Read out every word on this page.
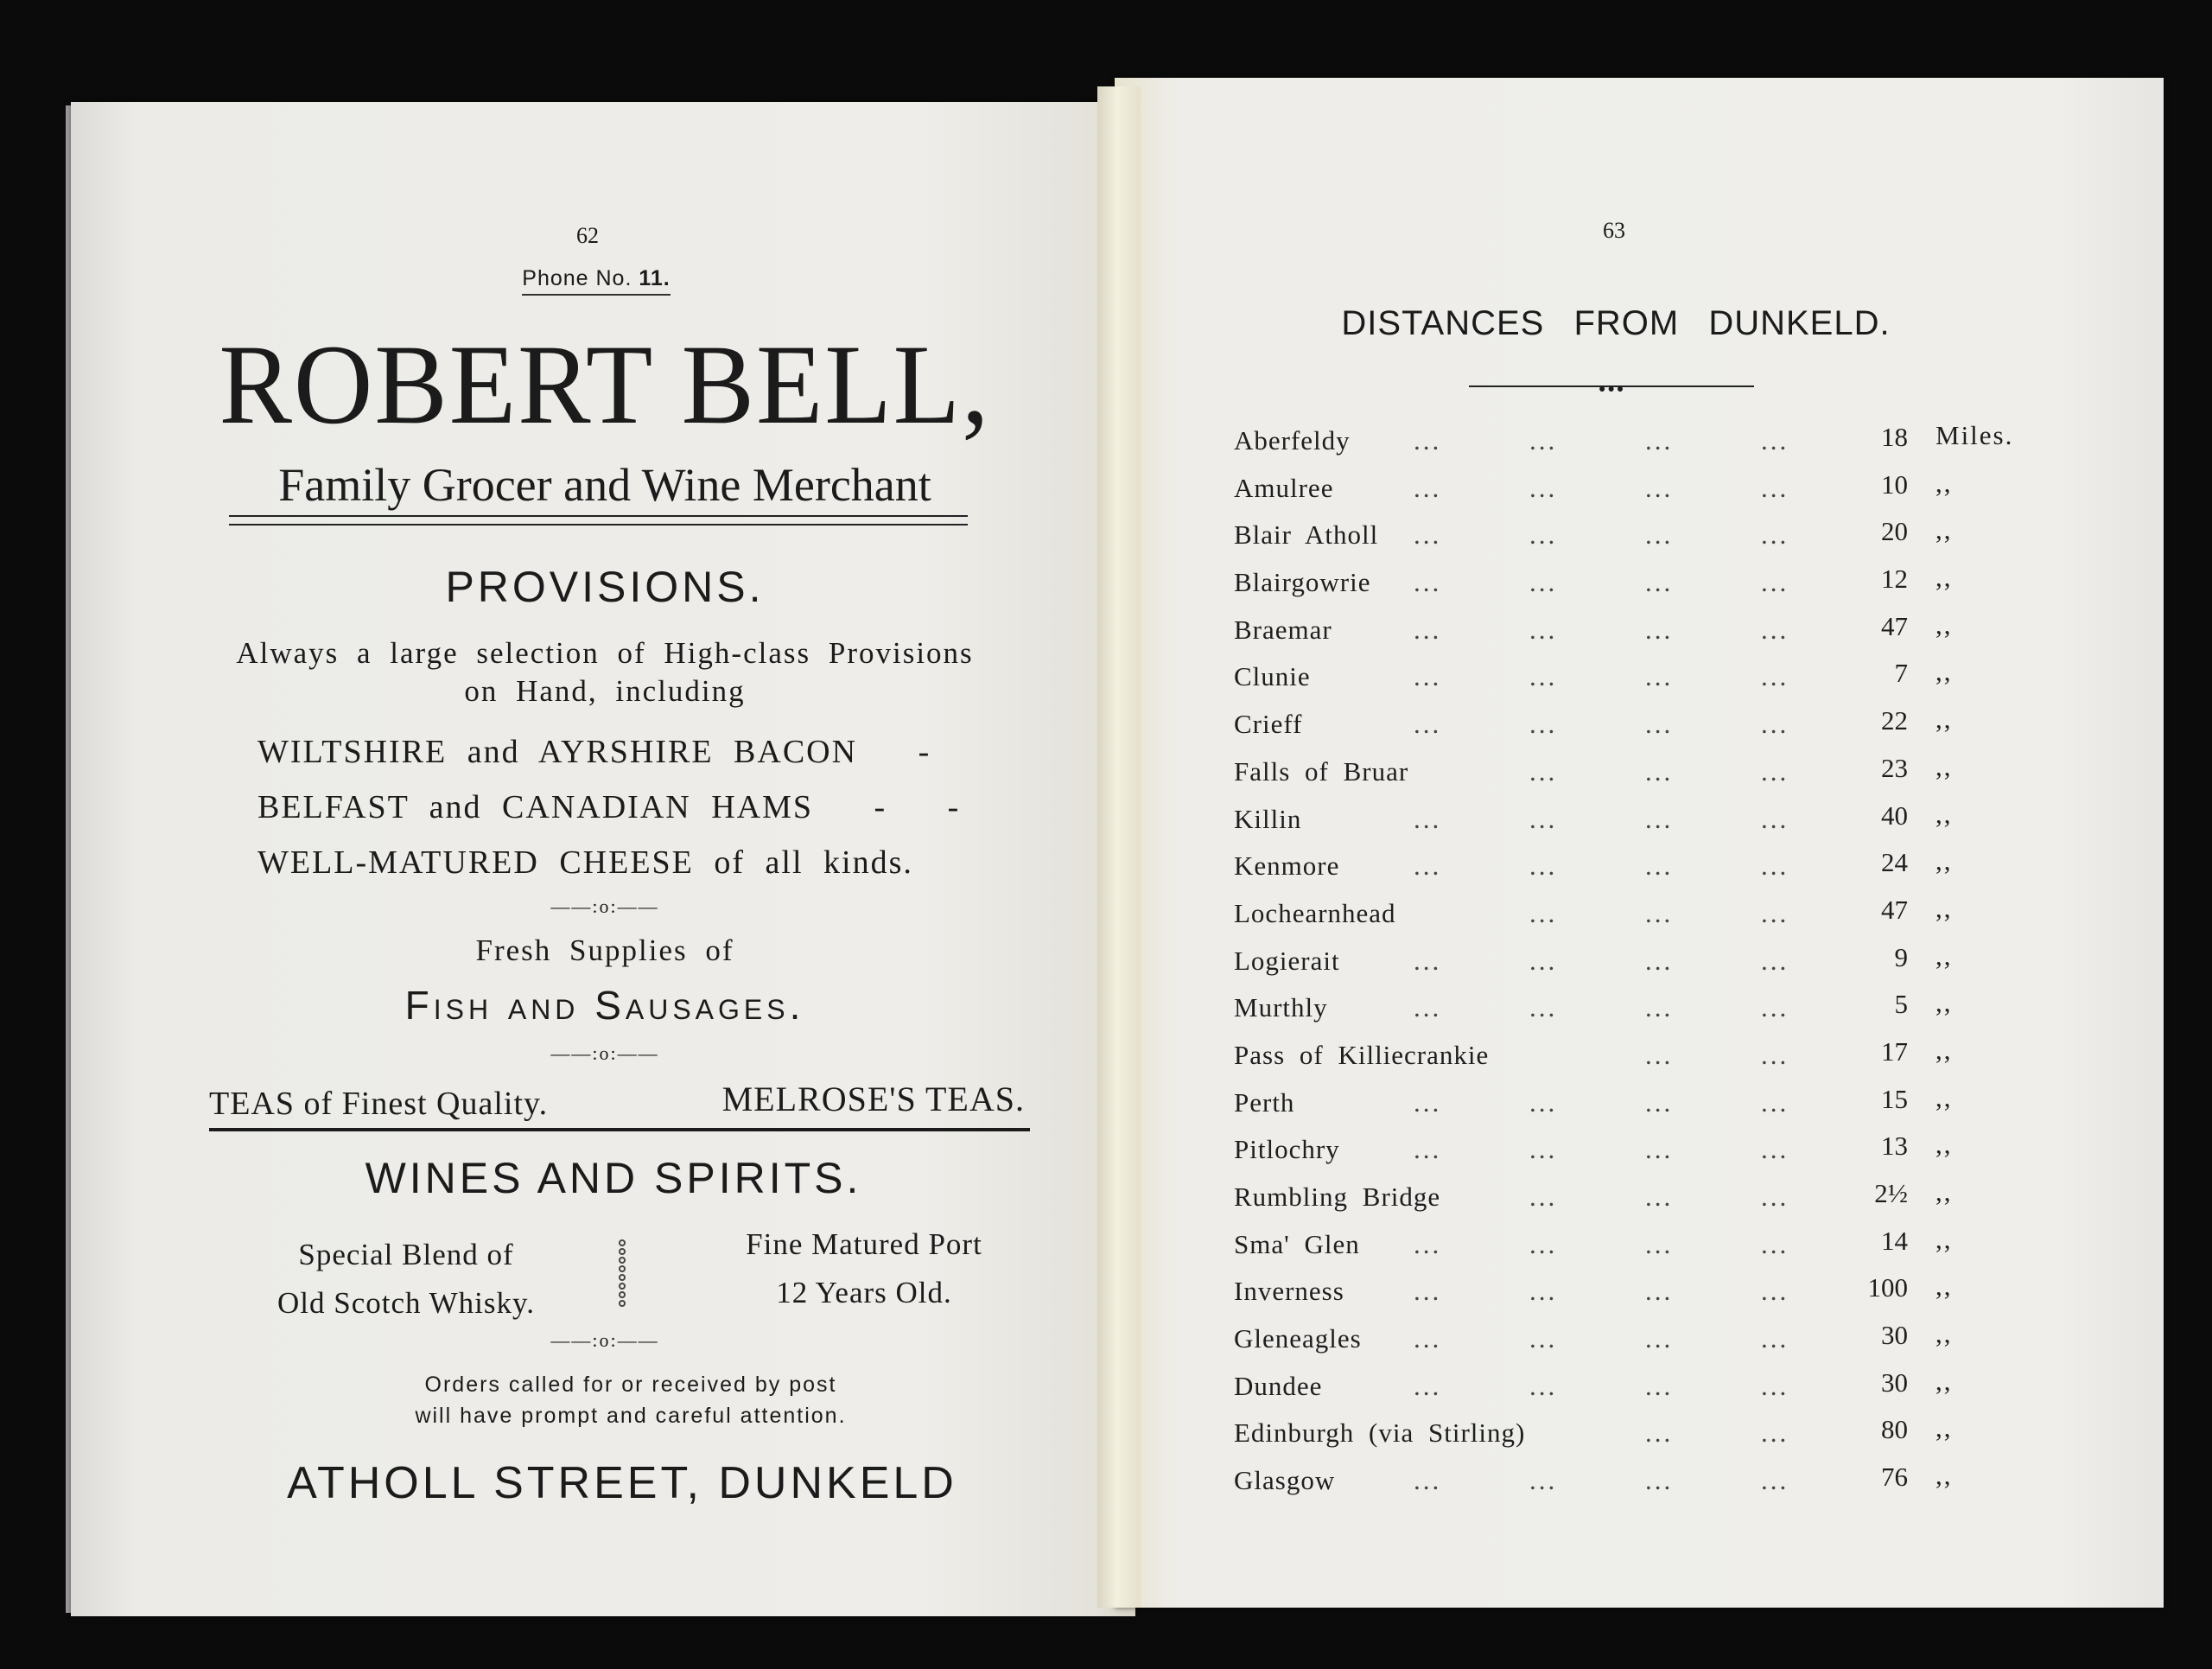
62
Phone No. 11.
ROBERT BELL,
Family Grocer and Wine Merchant
PROVISIONS.
Always a large selection of High-class Provisions
on Hand, including
WILTSHIRE and AYRSHIRE BACON   -
BELFAST and CANADIAN HAMS   -   -
WELL-MATURED CHEESE of all kinds.
——:o:——
Fresh Supplies of
Fish and Sausages.
——:o:——
TEAS of Finest Quality.	MELROSE'S TEAS.
WINES AND SPIRITS.
Special Blend of
Old Scotch Whisky.
Fine Matured Port
12 Years Old.
——:o:——
Orders called for or received by post
will have prompt and careful attention.
ATHOLL STREET, DUNKELD
63
DISTANCES FROM DUNKELD.
●●●
Aberfeldy ...	...	...	...	18 Miles.
Amulree	...	...	...	...	10 ,,
Blair Atholl ...	...	...	...	20 ,,
Blairgowrie ...	...	...	...	12 ,,
Braemar	...	...	...	...	47 ,,
Clunie	...	...	...	...	7 ,,
Crieff	...	...	...	...	22 ,,
Falls of Bruar	...	...	...	23 ,,
Killin	...	...	...	...	40 ,,
Kenmore	...	...	...	...	24 ,,
Lochearnhead	...	...	...	47 ,,
Logierait	...	...	...	...	9 ,,
Murthly	...	...	...	...	5 ,,
Pass of Killiecrankie	...	...	17 ,,
Perth	...	...	...	...	15 ,,
Pitlochry	...	...	...	...	13 ,,
Rumbling Bridge	...	...	...	2½ ,,
Sma' Glen ...	...	...	...	14 ,,
Inverness	...	...	...	...	100 ,,
Gleneagles ...	...	...	...	30 ,,
Dundee	...	...	...	...	30 ,,
Edinburgh (via Stirling)	...	...	80 ,,
Glasgow	...	...	...	...	76 ,,
